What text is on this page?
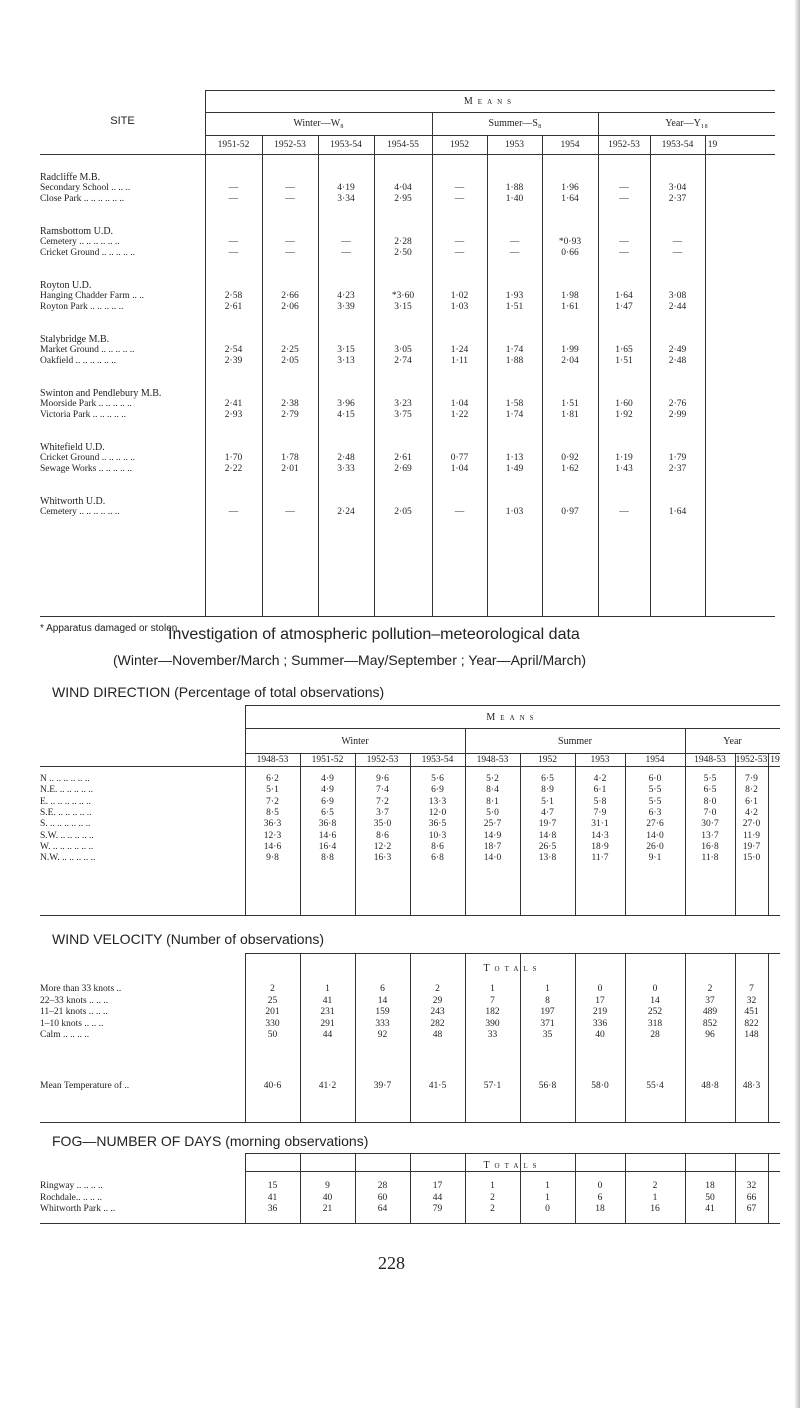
Investigation of atmospheric pollution–meteorological data
(Winter—November/March ; Summer—May/September ; Year—April/March)
WIND DIRECTION (Percentage of total observations)
WIND VELOCITY (Number of observations)
FOG—NUMBER OF DAYS (morning observations)
228
Means
SITE	Winter—W₈	Summer—S₈	Year—Y₁₈
1951-52	1952-53	1953-54	1954-55	1952	1953	1954	1952-53	1953-54	19
Radcliffe M.B.
Secondary School .. .. ..	—	—	4·19	4·04	—	1·88	1·96	—	3·04
Close Park .. .. .. .. .. ..	—	—	3·34	2·95	—	1·40	1·64	—	2·37
Ramsbottom U.D.
Cemetery .. .. .. .. .. ..	—	—	—	2·28	—	—	*0·93	—	—
Cricket Ground .. .. .. .. ..	—	—	—	2·50	—	—	0·66	—	—
Royton U.D.
Hanging Chadder Farm .. ..	2·58	2·66	4·23	*3·60	1·02	1·93	1·98	1·64	3·08
Royton Park .. .. .. .. ..	2·61	2·06	3·39	3·15	1·03	1·51	1·61	1·47	2·44
Stalybridge M.B.
Market Ground .. .. .. .. ..	2·54	2·25	3·15	3·05	1·24	1·74	1·99	1·65	2·49
Oakfield .. .. .. .. .. ..	2·39	2·05	3·13	2·74	1·11	1·88	2·04	1·51	2·48
Swinton and Pendlebury M.B.
Moorside Park .. .. .. .. ..	2·41	2·38	3·96	3·23	1·04	1·58	1·51	1·60	2·76
Victoria Park .. .. .. .. ..	2·93	2·79	4·15	3·75	1·22	1·74	1·81	1·92	2·99
Whitefield U.D.
Cricket Ground .. .. .. .. ..	1·70	1·78	2·48	2·61	0·77	1·13	0·92	1·19	1·79
Sewage Works .. .. .. .. ..	2·22	2·01	3·33	2·69	1·04	1·49	1·62	1·43	2·37
Whitworth U.D.
Cemetery .. .. .. .. .. ..	—	—	2·24	2·05	—	1·03	0·97	—	1·64
* Apparatus damaged or stolen.
Means
Winter	Summer	Year
1948-53	1951-52	1952-53	1953-54	1948-53	1952	1953	1954	1948-53	1952-53 19
N .. .. .. .. .. ..	6·2	4·9	9·6	5·6	5·2	6·5	4·2	6·0	5·5	7·9
N.E. .. .. .. .. ..	5·1	4·9	7·4	6·9	8·4	8·9	6·1	5·5	6·5	8·2
E. .. .. .. .. .. ..	7·2	6·9	7·2	13·3	8·1	5·1	5·8	5·5	8·0	6·1
S.E. .. .. .. .. ..	8·5	6·5	3·7	12·0	5·0	4·7	7·9	6·3	7·0	4·2
S. .. .. .. .. .. ..	36·3	36·8	35·0	36·5	25·7	19·7	31·1	27·6	30·7	27·0
S.W. .. .. .. .. ..	12·3	14·6	8·6	10·3	14·9	14·8	14·3	14·0	13·7	11·9
W. .. .. .. .. .. ..	14·6	16·4	12·2	8·6	18·7	26·5	18·9	26·0	16·8	19·7
N.W. .. .. .. .. ..	9·8	8·8	16·3	6·8	14·0	13·8	11·7	9·1	11·8	15·0
Totals
More than 33 knots ..	2	1	6	2	1	1	0	0	2	7
22–33 knots .. .. ..	25	41	14	29	7	8	17	14	37	32
11–21 knots .. .. ..	201	231	159	243	182	197	219	252	489	451
1–10 knots .. .. ..	330	291	333	282	390	371	336	318	852	822
Calm .. .. .. ..	50	44	92	48	33	35	40	28	96	148
Mean Temperature of ..	40·6	41·2	39·7	41·5	57·1	56·8	58·0	55·4	48·8	48·3
Totals
Ringway .. .. .. ..	15	9	28	17	1	1	0	2	18	32
Rochdale.. .. .. ..	41	40	60	44	2	1	6	1	50	66
Whitworth Park .. ..	36	21	64	79	2	0	18	16	41	67
